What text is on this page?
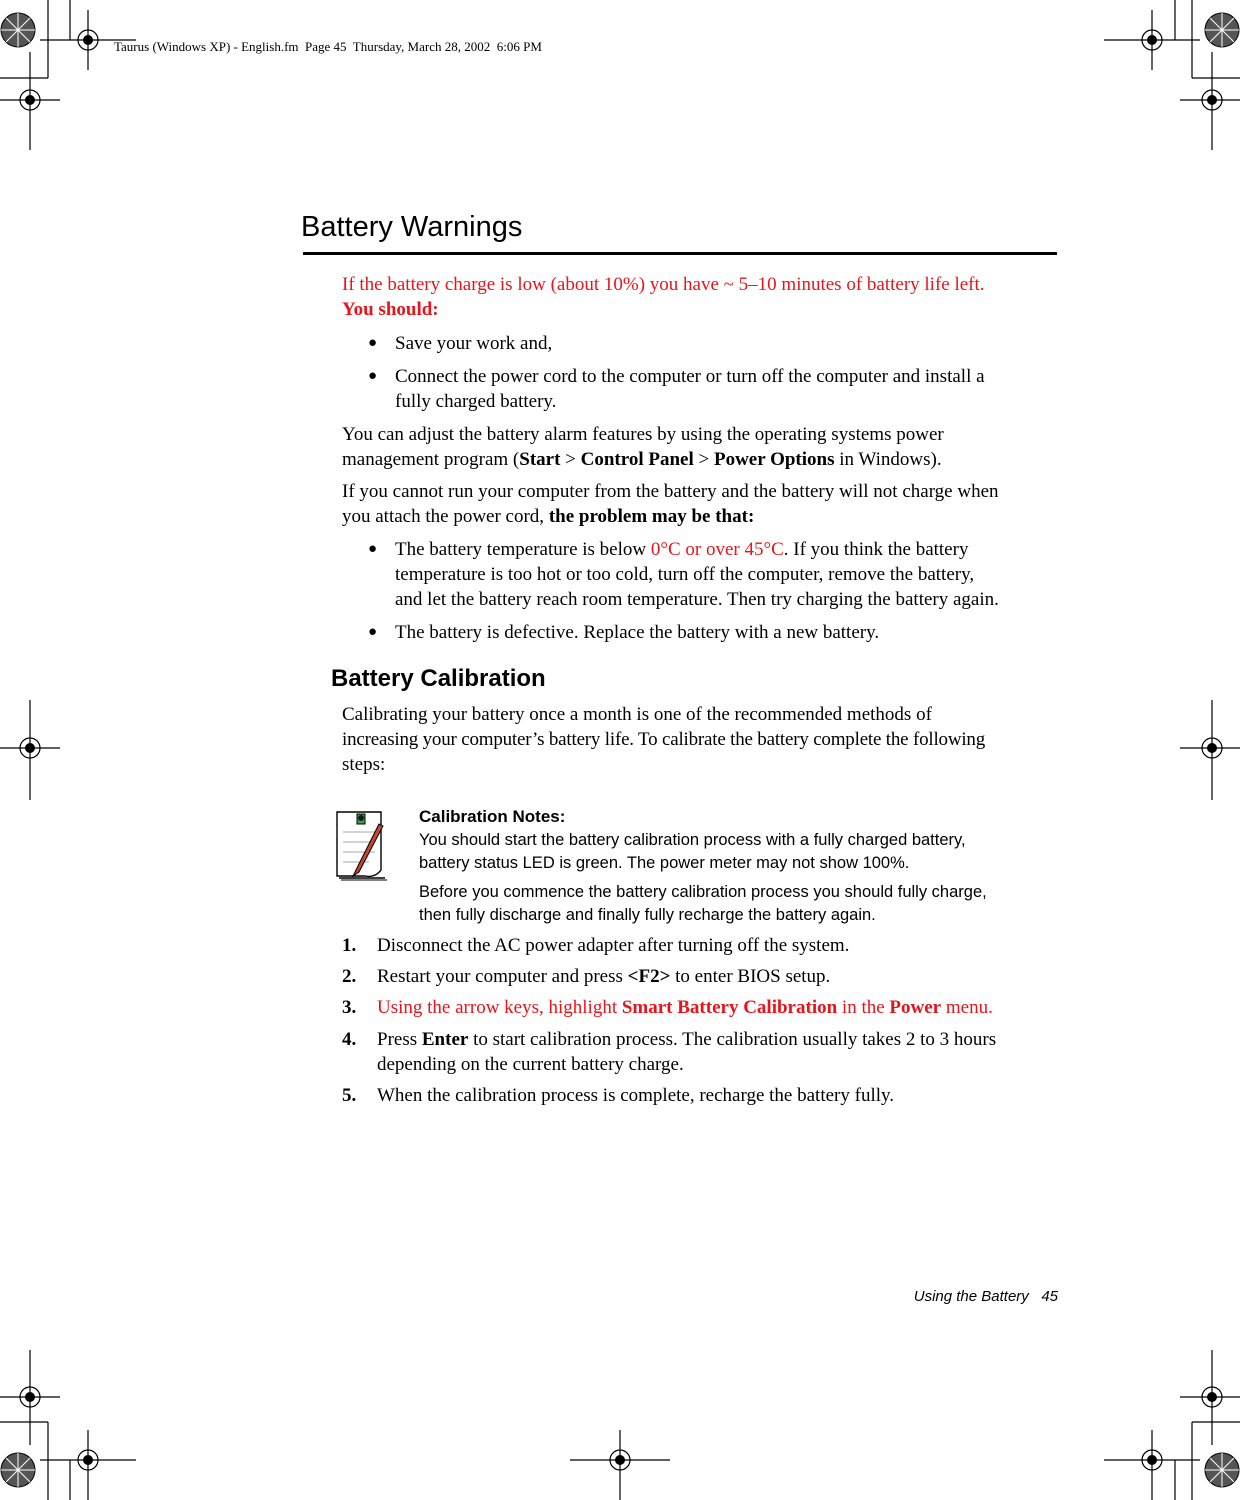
Taurus (Windows XP) - English.fm  Page 45  Thursday, March 28, 2002  6:06 PM
Battery Warnings
If the battery charge is low (about 10%) you have ~ 5–10 minutes of battery life left.
You should:
● Save your work and,
● Connect the power cord to the computer or turn off the computer and install a
fully charged battery.
You can adjust the battery alarm features by using the operating systems power
management program (Start > Control Panel > Power Options in Windows).
If you cannot run your computer from the battery and the battery will not charge when
you attach the power cord, the problem may be that:
● The battery temperature is below 0°C or over 45°C. If you think the battery
temperature is too hot or too cold, turn off the computer, remove the battery,
and let the battery reach room temperature. Then try charging the battery again.
● The battery is defective. Replace the battery with a new battery.
Battery Calibration
Calibrating your battery once a month is one of the recommended methods of
increasing your computer’s battery life. To calibrate the battery complete the following
steps:
Calibration Notes:
You should start the battery calibration process with a fully charged battery,
battery status LED is green. The power meter may not show 100%.
Before you commence the battery calibration process you should fully charge,
then fully discharge and finally fully recharge the battery again.
1. Disconnect the AC power adapter after turning off the system.
2. Restart your computer and press <F2> to enter BIOS setup.
3. Using the arrow keys, highlight Smart Battery Calibration in the Power menu.
4. Press Enter to start calibration process. The calibration usually takes 2 to 3 hours
depending on the current battery charge.
5. When the calibration process is complete, recharge the battery fully.
Using the Battery 45
